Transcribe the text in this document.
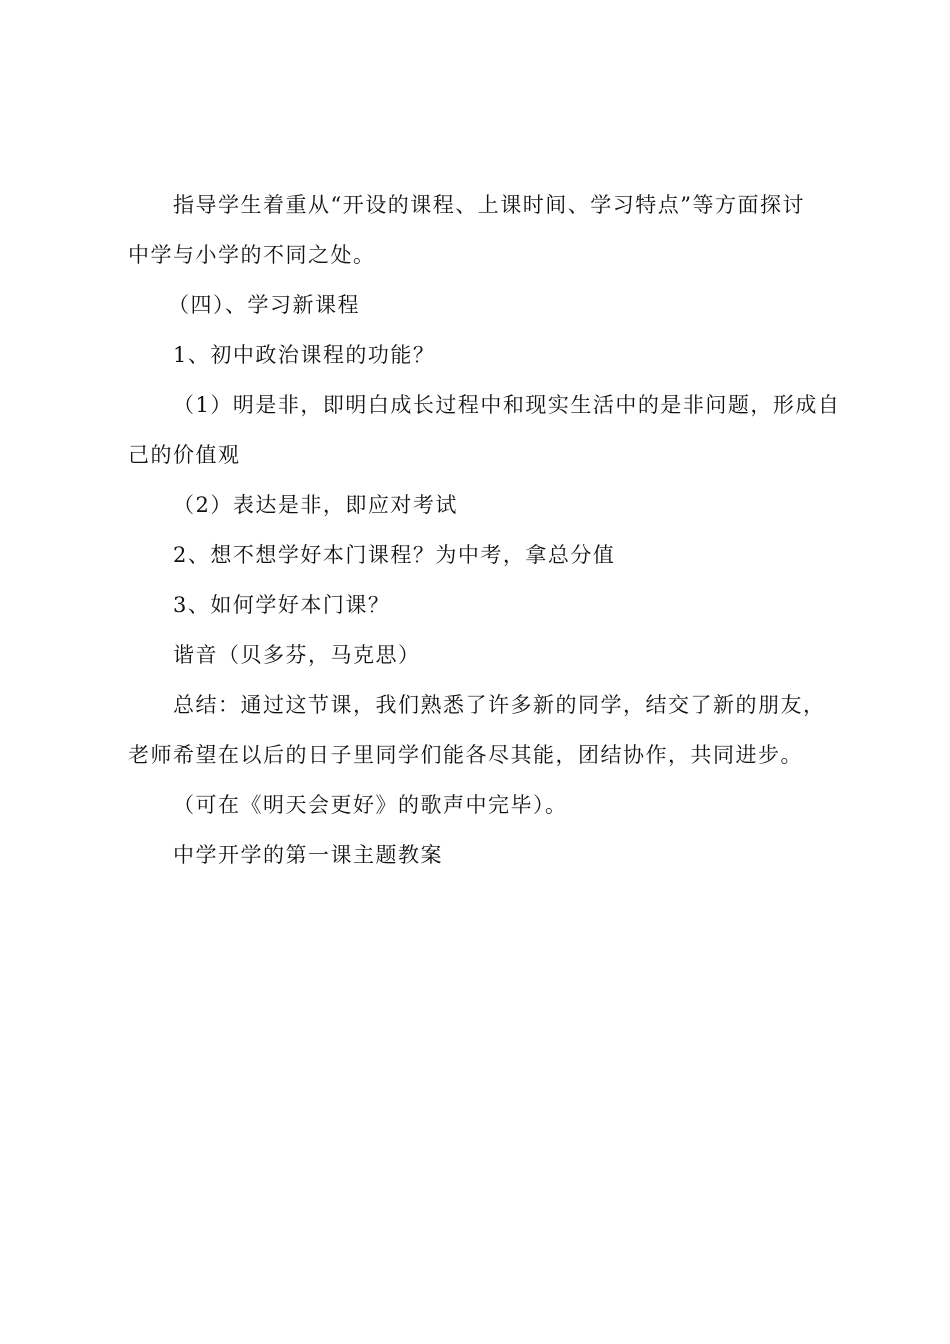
指导学生着重从“开设的课程、上课时间、学习特点”等方面探讨
中学与小学的不同之处。

（四）、学习新课程

1、初中政治课程的功能？

（1）明是非，即明白成长过程中和现实生活中的是非问题，形成自
己的价值观

（2）表达是非，即应对考试

2、想不想学好本门课程？为中考，拿总分值

3、如何学好本门课？

谐音（贝多芬，马克思）

总结：通过这节课，我们熟悉了许多新的同学，结交了新的朋友，
老师希望在以后的日子里同学们能各尽其能，团结协作，共同进步。

（可在《明天会更好》的歌声中完毕）。

中学开学的第一课主题教案
